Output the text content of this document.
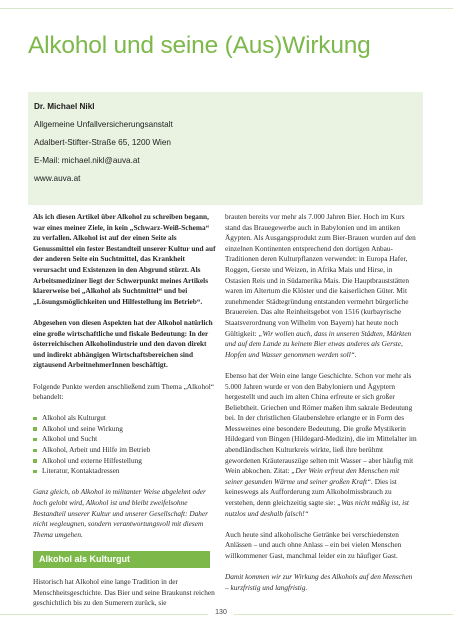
Alkohol und seine (Aus)Wirkung
Dr. Michael Nikl
Allgemeine Unfallversicherungsanstalt
Adalbert-Stifter-Straße 65, 1200 Wien
E-Mail: michael.nikl@auva.at
www.auva.at

Als ich diesen Artikel über Alkohol zu schreiben begann, war eines meiner Ziele, in kein „Schwarz-Weiß-Schema“ zu verfallen. Alkohol ist auf der einen Seite als Genussmittel ein fester Bestandteil unserer Kultur und auf der anderen Seite ein Suchtmittel, das Krankheit verursacht und Existenzen in den Abgrund stürzt. Als Arbeitsmediziner liegt der Schwerpunkt meines Artikels klarerweise bei „Alkohol als Suchtmittel“ und bei „Lösungsmöglichkeiten und Hilfestellung im Betrieb“.

Abgesehen von diesen Aspekten hat der Alkohol natürlich eine große wirtschaftliche und fiskale Bedeutung: In der österreichischen Alkoholindustrie und den davon direkt und indirekt abhängigen Wirtschaftsbereichen sind zigtausend ArbeitnehmerInnen beschäftigt.

Folgende Punkte werden anschließend zum Thema „Alkohol“ behandelt:

Alkohol als Kulturgut
Alkohol und seine Wirkung
Alkohol und Sucht
Alkohol, Arbeit und Hilfe im Betrieb
Alkohol und externe Hilfestellung
Literatur, Kontaktadressen

Ganz gleich, ob Alkohol in militanter Weise abgelehnt oder hoch gelobt wird, Alkohol ist und bleibt zweifelsohne Bestandteil unserer Kultur und unserer Gesellschaft: Daher nicht wegleugnen, sondern verantwortungsvoll mit diesem Thema umgehen.

Alkohol als Kulturgut

Historisch hat Alkohol eine lange Tradition in der Menschheitsgeschichte. Das Bier und seine Braukunst reichen geschichtlich bis zu den Sumerern zurück, sie

brauten bereits vor mehr als 7.000 Jahren Bier. Hoch im Kurs stand das Brauegewerbe auch in Babylonien und im antiken Ägypten. Als Ausgangsprodukt zum Bier-Brauen wurden auf den einzelnen Kontinenten entsprechend den dortigen Anbau-Traditionen deren Kulturpflanzen verwendet: in Europa Hafer, Roggen, Gerste und Weizen, in Afrika Mais und Hirse, in Ostasien Reis und in Südamerika Mais. Die Hauptbrauststätten waren im Altertum die Klöster und die kaiserlichen Güter. Mit zunehmender Städtegründung entstanden vermehrt bürgerliche Brauereien. Das alte Reinheitsgebot von 1516 (kurbayrische Staatsverordnung von Wilhelm von Bayern) hat heute noch Gültigkeit: „Wir wollen auch, dass in unseren Städten, Märkten und auf dem Lande zu keinem Bier etwas anderes als Gerste, Hopfen und Wasser genommen werden soll“.

Ebenso hat der Wein eine lange Geschichte. Schon vor mehr als 5.000 Jahren wurde er von den Babyloniern und Ägyptern hergestellt und auch im alten China erfreute er sich großer Beliebtheit. Griechen und Römer maßen ihm sakrale Bedeutung bei. In der christlichen Glaubenslehre erlangte er in Form des Messweines eine besondere Bedeutung. Die große Mystikerin Hildegard von Bingen (Hildegard-Medizin), die im Mittelalter im abendländischen Kulturkreis wirkte, ließ ihre berühmt gewordenen Kräuterauszüge selten mit Wasser – aber häufig mit Wein abkochen. Zitat: „Der Wein erfreut den Menschen mit seiner gesunden Wärme und seiner großen Kraft“. Dies ist keineswegs als Aufforderung zum Alkoholmissbrauch zu verstehen, denn gleichzeitig sagte sie: „Was nicht mäßig ist, ist nutzlos und deshalb falsch!“

Auch heute sind alkoholische Getränke bei verschiedensten Anlässen – und auch ohne Anlass – ein bei vielen Menschen willkommener Gast, manchmal leider ein zu häufiger Gast.

Damit kommen wir zur Wirkung des Alkohols auf den Menschen – kurzfristig und langfristig.

130
